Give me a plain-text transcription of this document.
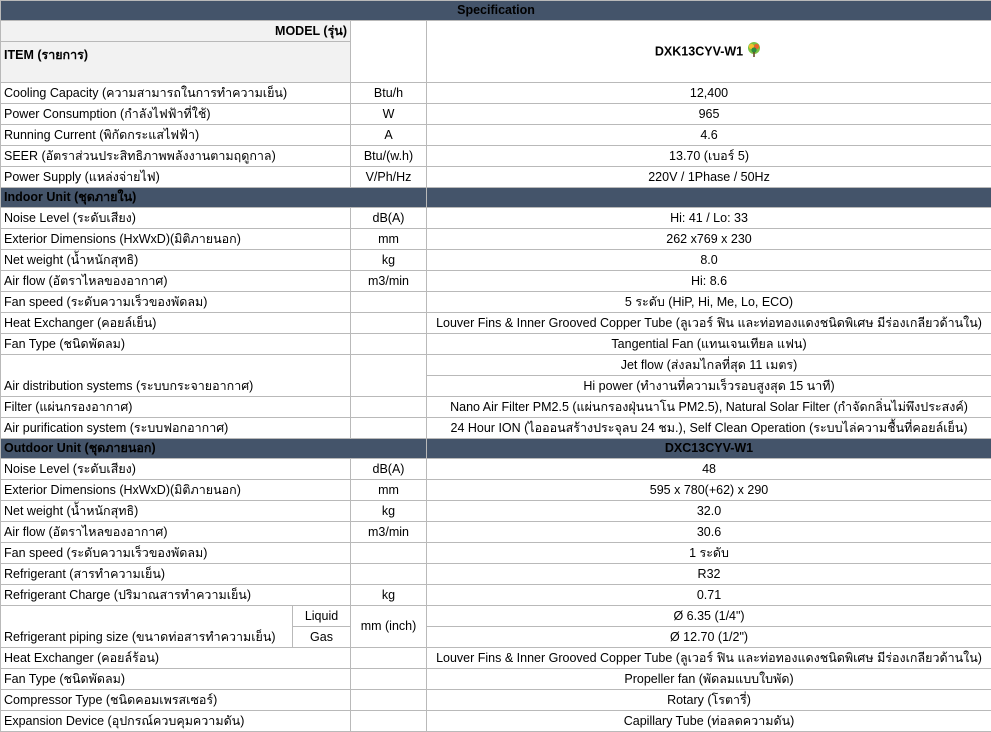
Specification			
MODEL (รุ่น)			DXK13CYV-W1
ITEM (รายการ)			
Cooling Capacity (ความสามารถในการทำความเย็น)		Btu/h	12,400
Power Consumption (กำลังไฟฟ้าที่ใช้)		W	965
Running Current (พิกัดกระแสไฟฟ้า)		A	4.6
SEER (อัตราส่วนประสิทธิภาพพลังงานตามฤดูกาล)		Btu/(w.h)	13.70 (เบอร์ 5)
Power Supply (แหล่งจ่ายไฟ)		V/Ph/Hz	220V / 1Phase / 50Hz
Indoor Unit (ชุดภายใน)			
Noise Level (ระดับเสียง)		dB(A)	Hi: 41 / Lo: 33
Exterior Dimensions (HxWxD)(มิติภายนอก)		mm	262 x769 x 230
Net weight (น้ำหนักสุทธิ)		kg	8.0
Air flow (อัตราไหลของอากาศ)		m3/min	Hi: 8.6
Fan speed (ระดับความเร็วของพัดลม)			5 ระดับ (HiP, Hi, Me, Lo, ECO)
Heat Exchanger (คอยล์เย็น)			Louver Fins & Inner Grooved Copper Tube (ลูเวอร์ ฟิน และท่อทองแดงชนิดพิเศษ มีร่องเกลียวด้านใน)
Fan Type (ชนิดพัดลม)			Tangential Fan (แทนเจนเทียล แฟน)
Air distribution systems (ระบบกระจายอากาศ)			Jet flow (ส่งลมไกลที่สุด 11 เมตร)
			Hi power (ทำงานที่ความเร็วรอบสูงสุด 15 นาที)
Filter (แผ่นกรองอากาศ)			Nano Air Filter PM2.5 (แผ่นกรองฝุ่นนาโน PM2.5), Natural Solar Filter (กำจัดกลิ่นไม่พึงประสงค์)
Air purification system (ระบบฟอกอากาศ)			24 Hour ION (ไอออนสร้างประจุลบ 24 ชม.), Self Clean Operation (ระบบไล่ความชื้นที่คอยล์เย็น)
Outdoor Unit (ชุดภายนอก)			DXC13CYV-W1
Noise Level (ระดับเสียง)		dB(A)	48
Exterior Dimensions (HxWxD)(มิติภายนอก)		mm	595 x 780(+62) x 290
Net weight (น้ำหนักสุทธิ)		kg	32.0
Air flow (อัตราไหลของอากาศ)		m3/min	30.6
Fan speed (ระดับความเร็วของพัดลม)			1 ระดับ
Refrigerant (สารทำความเย็น)			R32
Refrigerant Charge (ปริมาณสารทำความเย็น)		kg	0.71
Refrigerant piping size (ขนาดท่อสารทำความเย็น)	Liquid	mm (inch)	Ø 6.35 (1/4")
	Gas		Ø 12.70 (1/2")
Heat Exchanger (คอยล์ร้อน)			Louver Fins & Inner Grooved Copper Tube (ลูเวอร์ ฟิน และท่อทองแดงชนิดพิเศษ มีร่องเกลียวด้านใน)
Fan Type (ชนิดพัดลม)			Propeller fan (พัดลมแบบใบพัด)
Compressor Type (ชนิดคอมเพรสเซอร์)			Rotary (โรตารี่)
Expansion Device (อุปกรณ์ควบคุมความดัน)			Capillary Tube (ท่อลดความดัน)
